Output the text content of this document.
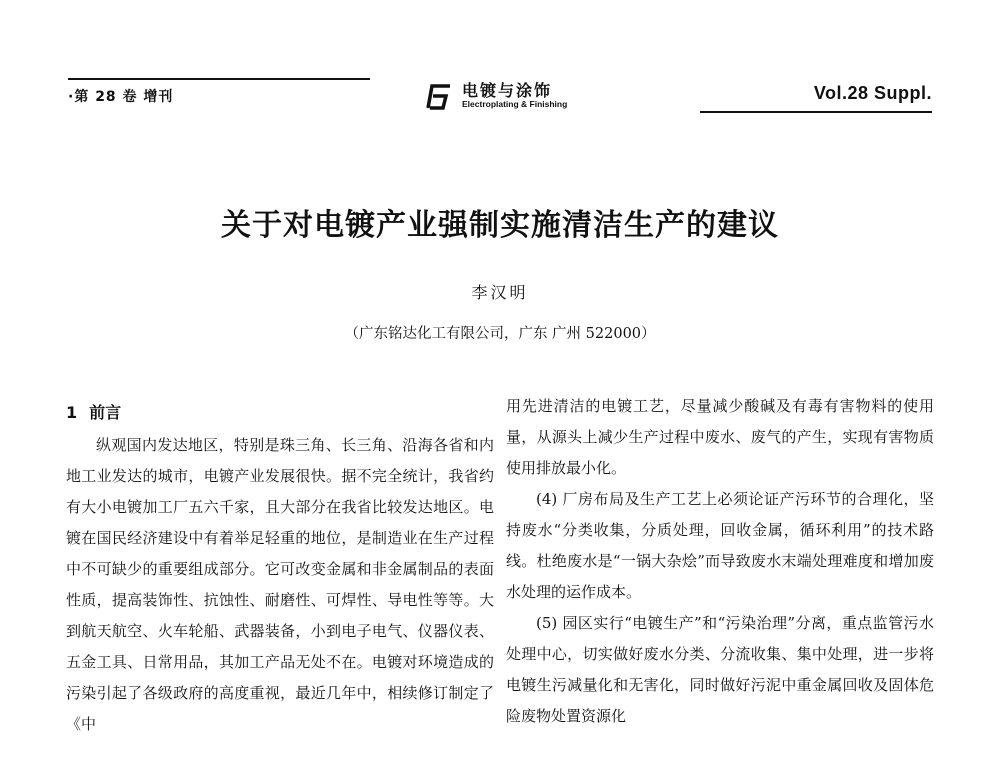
·第 28 卷 增刊	电镀与涂饰
Electroplating & Finishing
Vol.28 Suppl.
关于对电镀产业强制实施清洁生产的建议
李汉明
（广东铭达化工有限公司，广东 广州 522000）
1 前言

纵观国内发达地区，特别是珠三角、长三角、沿海各省和内地工业发达的城市，电镀产业发展很快。据不完全统计，我省约有大小电镀加工厂五六千家，且大部分在我省比较发达地区。电镀在国民经济建设中有着举足轻重的地位，是制造业在生产过程中不可缺少的重要组成部分。它可改变金属和非金属制品的表面性质，提高装饰性、抗蚀性、耐磨性、可焊性、导电性等等。大到航天航空、火车轮船、武器装备，小到电子电气、仪器仪表、五金工具、日常用品，其加工产品无处不在。电镀对环境造成的污染引起了各级政府的高度重视，最近几年中，相续修订制定了《中

用先进清洁的电镀工艺，尽量减少酸碱及有毒有害物料的使用量，从源头上减少生产过程中废水、废气的产生，实现有害物质使用排放最小化。

(4) 厂房布局及生产工艺上必须论证产污环节的合理化，坚持废水“分类收集，分质处理，回收金属，循环利用”的技术路线。杜绝废水是“一锅大杂烩”而导致废水末端处理难度和增加废水处理的运作成本。

(5) 园区实行“电镀生产”和“污染治理”分离，重点监管污水处理中心，切实做好废水分类、分流收集、集中处理，进一步将电镀生污减量化和无害化，同时做好污泥中重金属回收及固体危险废物处置资源化
